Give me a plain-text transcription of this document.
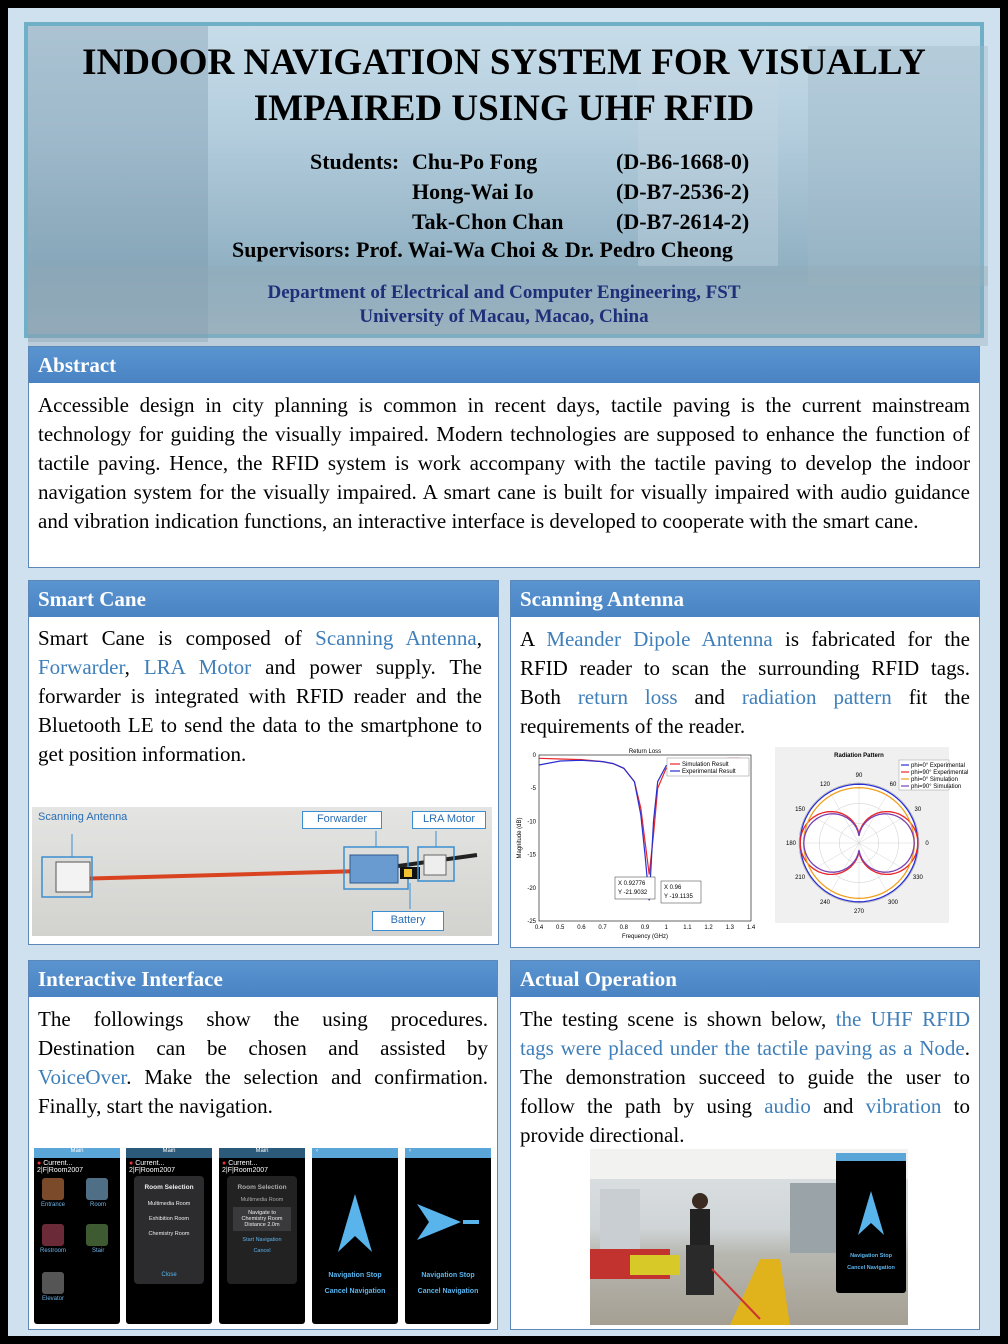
INDOOR NAVIGATION SYSTEM FOR VISUALLY
IMPAIRED USING UHF RFID
Students: Chu-Po Fong	(D-B6-1668-0)
Hong-Wai Io	(D-B7-2536-2)
Tak-Chon Chan (D-B7-2614-2)
Supervisors: Prof. Wai-Wa Choi & Dr. Pedro Cheong
Department of Electrical and Computer Engineering, FST
University of Macau, Macao, China
Abstract
Accessible design in city planning is common in recent days, tactile paving is the current mainstream technology for guiding the visually impaired. Modern technologies are supposed to enhance the function of tactile paving. Hence, the RFID system is work accompany with the tactile paving to develop the indoor navigation system for the visually impaired. A smart cane is built for visually impaired with audio guidance and vibration indication functions, an interactive interface is developed to cooperate with the smart cane.
Smart Cane
Smart Cane is composed of Scanning Antenna, Forwarder, LRA Motor and power supply. The forwarder is integrated with RFID reader and the Bluetooth LE to send the data to the smartphone to get position information.
Scanning Antenna	Forwarder	LRA Motor
Battery
Scanning Antenna
A Meander Dipole Antenna is fabricated for the RFID reader to scan the surrounding RFID tags. Both return loss and radiation pattern fit the requirements of the reader.
Return Loss
0.4 0.5 0.6 0.7 0.8 0.9	1	1.1 1.2 1.3 1.4
0
-5
-10
-15
-20
-25
Frequency (GHz)
Magnitude (dB)
Simulation Result
Experimental Result
X 0.92776
Y -21.9032
X 0.96
Y -19.1135
Radiation Pattern
90
120	60
150	30
180	0
210	330
240	300
270
phi=0° Experimental
phi=90° Experimental
phi=0° Simulation
phi=90° Simulation
Interactive Interface
The followings show the using procedures. Destination can be chosen and assisted by VoiceOver. Make the selection and confirmation. Finally, start the navigation.
Main
● Current... 2|F|Room2007
Entrance	Room
Restroom	Stair
Elevator
Main
● Current... 2|F|Room2007
Room Selection
Multimedia Room
Exhibition Room
Chemistry Room
Close
Main
● Current... 2|F|Room2007
Room Selection
Multimedia Room
Navigate to
Chemistry Room
Distance 2.0m
Start Navigation
Cancel
‹
Navigation Stop
Cancel Navigation
‹
Navigation Stop
Cancel Navigation
Actual Operation
The testing scene is shown below, the UHF RFID tags were placed under the tactile paving as a Node. The demonstration succeed to guide the user to follow the path by using audio and vibration to provide directional.
Navigation Stop
Cancel Navigation
